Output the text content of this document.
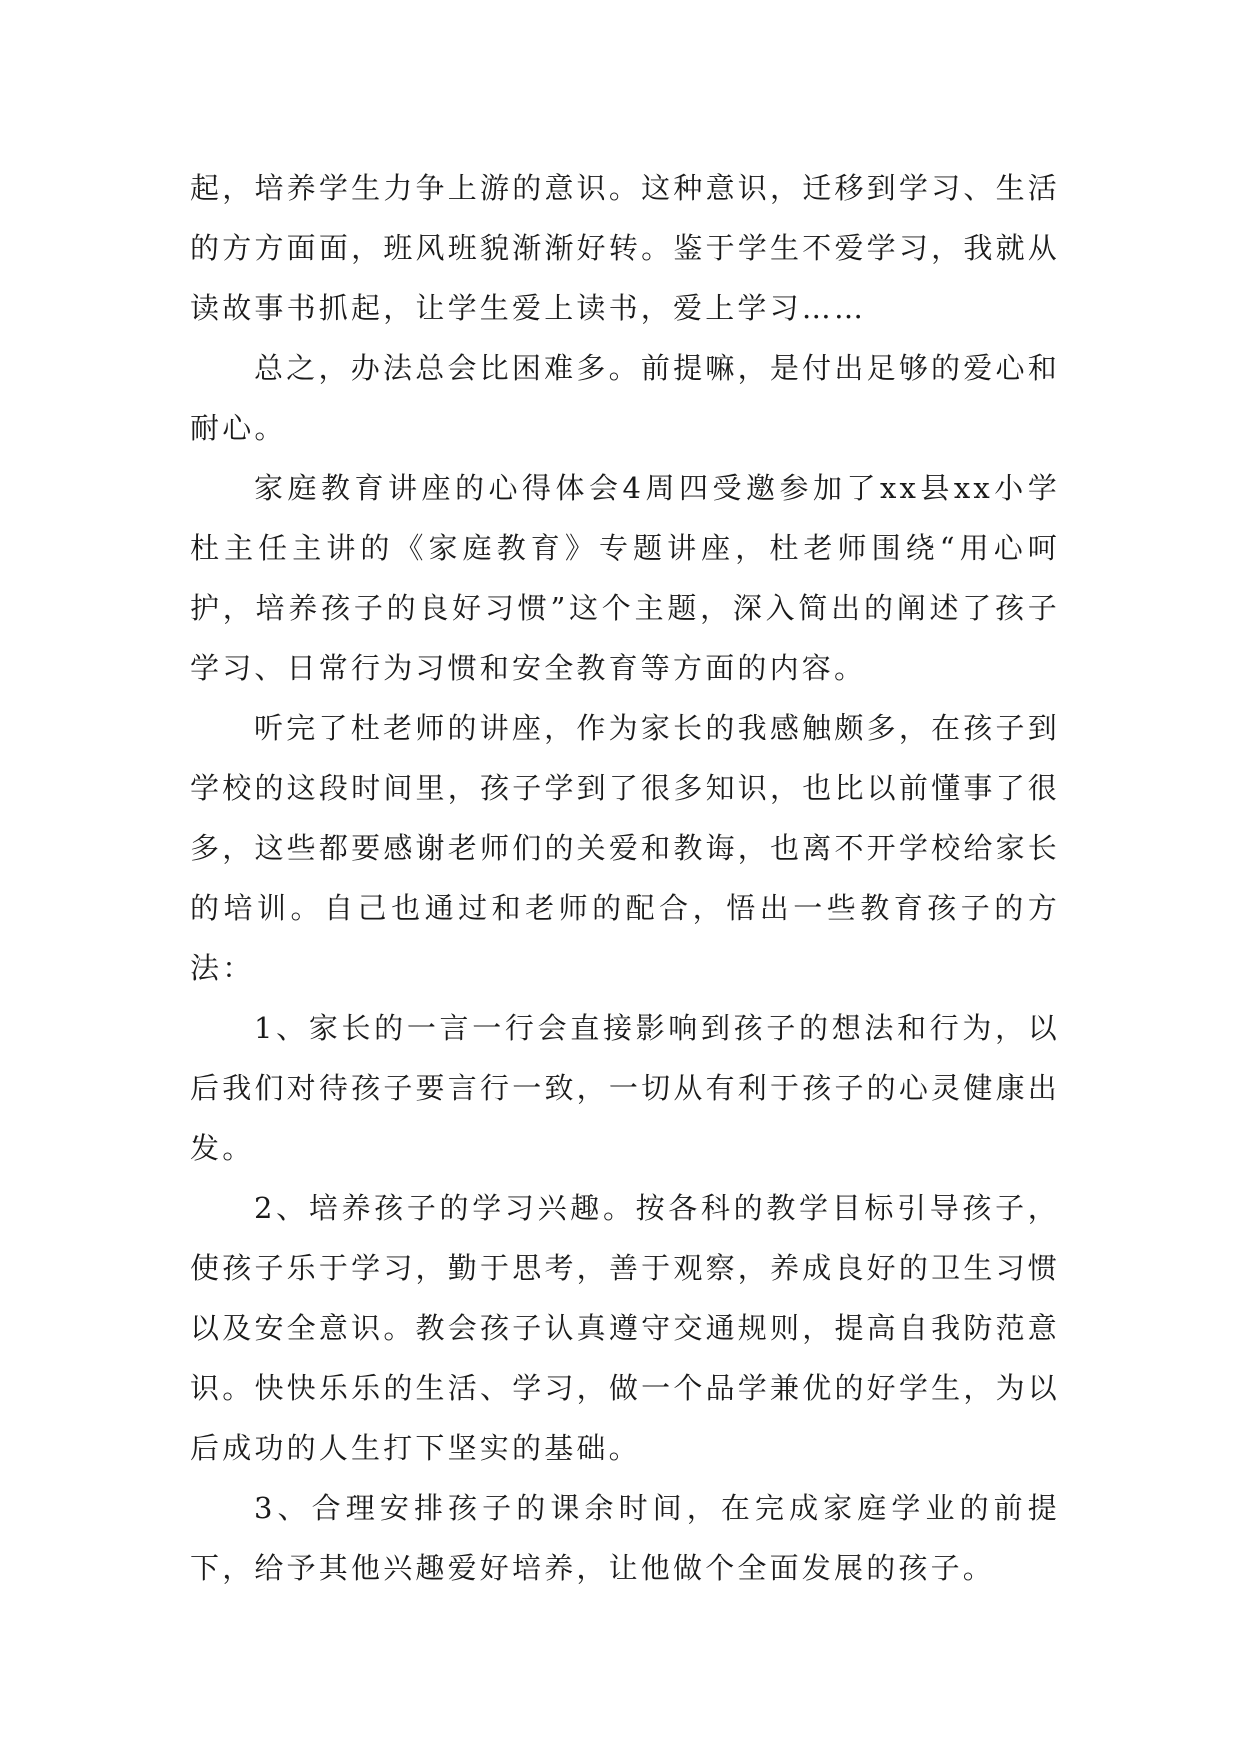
起，培养学生力争上游的意识。这种意识，迁移到学习、生活的方方面面，班风班貌渐渐好转。鉴于学生不爱学习，我就从读故事书抓起，让学生爱上读书，爱上学习……

总之，办法总会比困难多。前提嘛，是付出足够的爱心和耐心。

家庭教育讲座的心得体会4周四受邀参加了xx县xx小学杜主任主讲的《家庭教育》专题讲座，杜老师围绕“用心呵护，培养孩子的良好习惯”这个主题，深入简出的阐述了孩子学习、日常行为习惯和安全教育等方面的内容。

听完了杜老师的讲座，作为家长的我感触颇多，在孩子到学校的这段时间里，孩子学到了很多知识，也比以前懂事了很多，这些都要感谢老师们的关爱和教诲，也离不开学校给家长的培训。自己也通过和老师的配合，悟出一些教育孩子的方法：

1、家长的一言一行会直接影响到孩子的想法和行为，以后我们对待孩子要言行一致，一切从有利于孩子的心灵健康出发。

2、培养孩子的学习兴趣。按各科的教学目标引导孩子，使孩子乐于学习，勤于思考，善于观察，养成良好的卫生习惯以及安全意识。教会孩子认真遵守交通规则，提高自我防范意识。快快乐乐的生活、学习，做一个品学兼优的好学生，为以后成功的人生打下坚实的基础。

3、合理安排孩子的课余时间，在完成家庭学业的前提下，给予其他兴趣爱好培养，让他做个全面发展的孩子。
